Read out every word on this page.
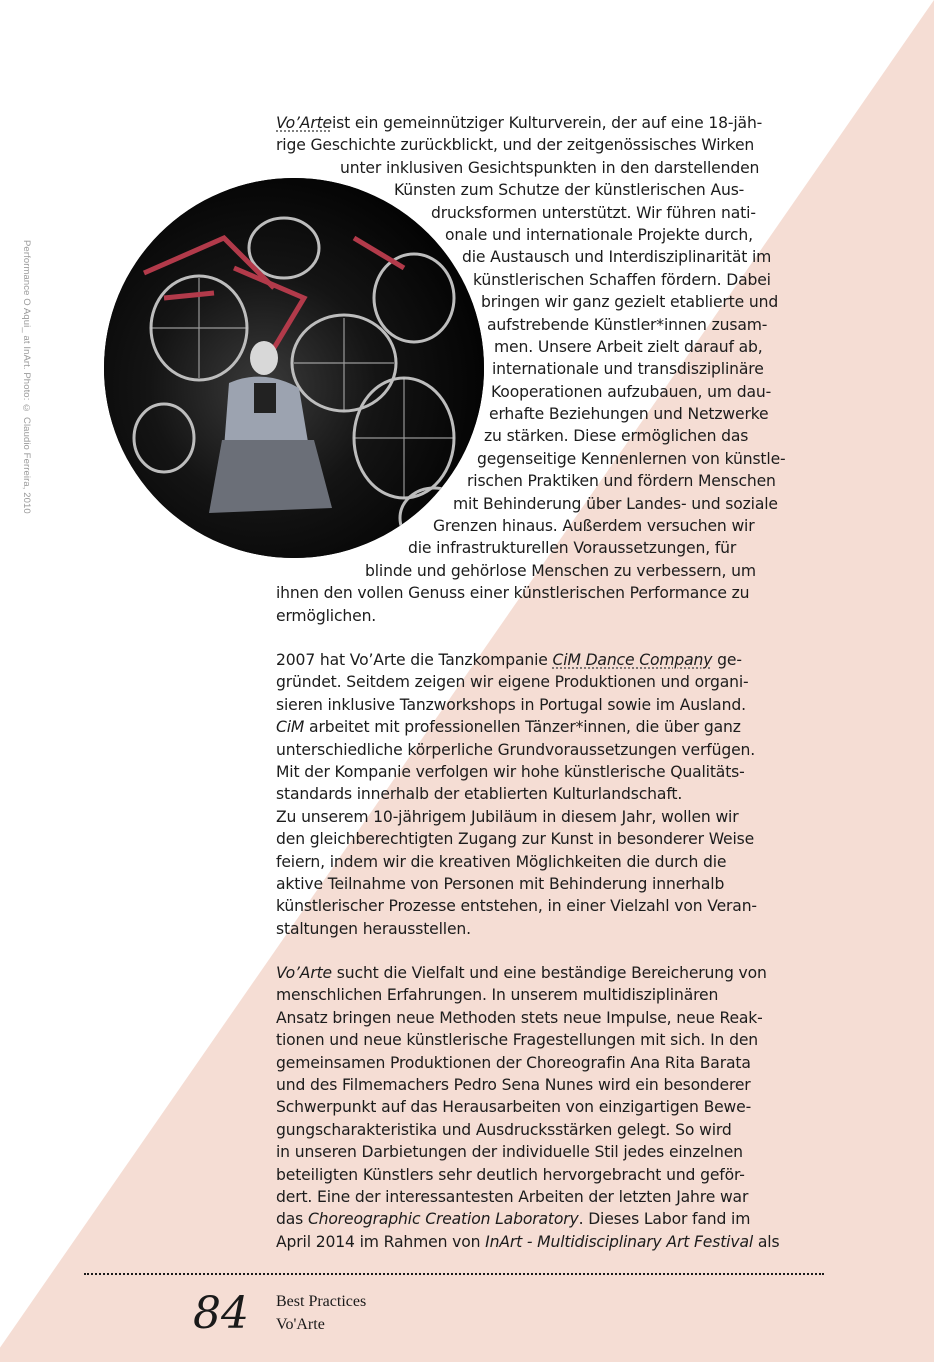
Performance O Aqui_ at InArt. Photo: © Claudio Ferreira, 2010
Vo’Arteist ein gemeinnütziger Kulturverein, der auf eine 18-jäh-
rige Geschichte zurückblickt, und der zeitgenössisches Wirken
unter inklusiven Gesichtspunkten in den darstellenden
Künsten zum Schutze der künstlerischen Aus-
drucksformen unterstützt. Wir führen nati-
onale und internationale Projekte durch,
die Austausch und Interdisziplinarität im
künstlerischen Schaffen fördern. Dabei
bringen wir ganz gezielt etablierte und
aufstrebende Künstler*innen zusam-
men. Unsere Arbeit zielt darauf ab,
internationale und transdisziplinäre
Kooperationen aufzubauen, um dau-
erhafte Beziehungen und Netzwerke
zu stärken. Diese ermöglichen das
gegenseitige Kennenlernen von künstle-
rischen Praktiken und fördern Menschen
mit Behinderung über Landes- und soziale
Grenzen hinaus. Außerdem versuchen wir
die infrastrukturellen Voraussetzungen, für
blinde und gehörlose Menschen zu verbessern, um
ihnen den vollen Genuss einer künstlerischen Performance zu
ermöglichen.
2007 hat Vo’Arte die Tanzkompanie CiM Dance Company ge-
gründet. Seitdem zeigen wir eigene Produktionen und organi-
sieren inklusive Tanzworkshops in Portugal sowie im Ausland.
CiM arbeitet mit professionellen Tänzer*innen, die über ganz
unterschiedliche körperliche Grundvoraussetzungen verfügen.
Mit der Kompanie verfolgen wir hohe künstlerische Qualitäts-
standards innerhalb der etablierten Kulturlandschaft.
Zu unserem 10-jährigem Jubiläum in diesem Jahr, wollen wir
den gleichberechtigten Zugang zur Kunst in besonderer Weise
feiern, indem wir die kreativen Möglichkeiten die durch die
aktive Teilnahme von Personen mit Behinderung innerhalb
künstlerischer Prozesse entstehen, in einer Vielzahl von Veran-
staltungen herausstellen.
Vo’Arte sucht die Vielfalt und eine beständige Bereicherung von
menschlichen Erfahrungen. In unserem multidisziplinären
Ansatz bringen neue Methoden stets neue Impulse, neue Reak-
tionen und neue künstlerische Fragestellungen mit sich. In den
gemeinsamen Produktionen der Choreografin Ana Rita Barata
und des Filmemachers Pedro Sena Nunes wird ein besonderer
Schwerpunkt auf das Herausarbeiten von einzigartigen Bewe-
gungscharakteristika und Ausdrucksstärken gelegt. So wird
in unseren Darbietungen der individuelle Stil jedes einzelnen
beteiligten Künstlers sehr deutlich hervorgebracht und geför-
dert. Eine der interessantesten Arbeiten der letzten Jahre war
das Choreographic Creation Laboratory. Dieses Labor fand im
April 2014 im Rahmen von InArt - Multidisciplinary Art Festival als
84 Best Practices
Vo'Arte
